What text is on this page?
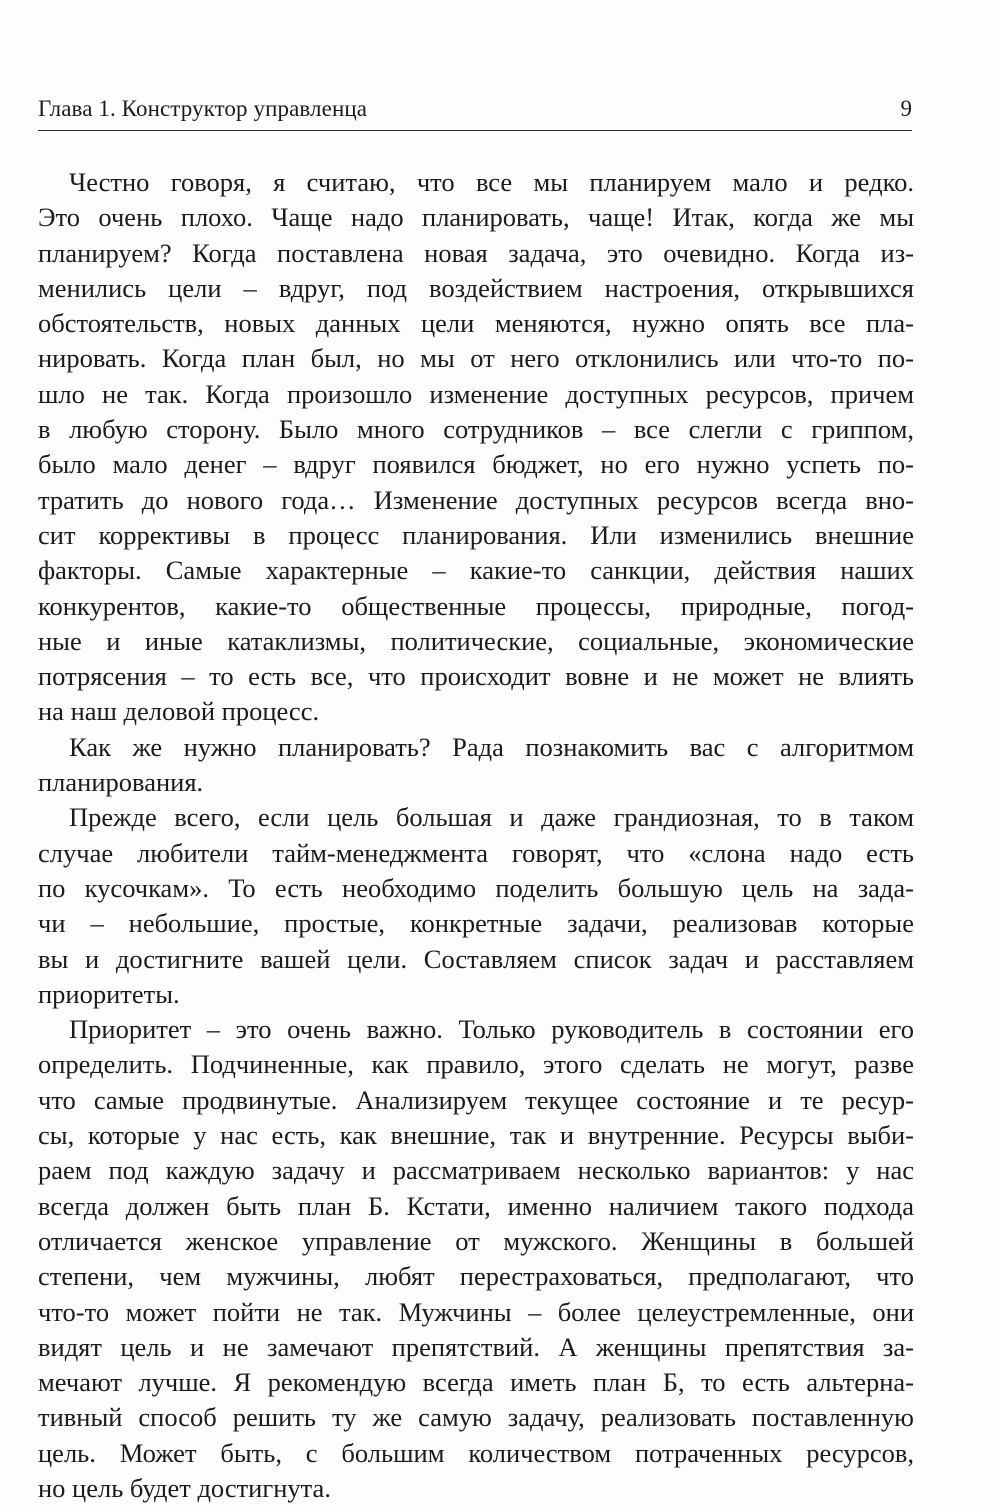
Глава 1. Конструктор управленца	9
Честно говоря, я считаю, что все мы планируем мало и редко.
Это очень плохо. Чаще надо планировать, чаще! Итак, когда же мы
планируем? Когда поставлена новая задача, это очевидно. Когда из-
менились цели – вдруг, под воздействием настроения, открывшихся
обстоятельств, новых данных цели меняются, нужно опять все пла-
нировать. Когда план был, но мы от него отклонились или что-то по-
шло не так. Когда произошло изменение доступных ресурсов, причем
в любую сторону. Было много сотрудников – все слегли с гриппом,
было мало денег – вдруг появился бюджет, но его нужно успеть по-
тратить до нового года… Изменение доступных ресурсов всегда вно-
сит коррективы в процесс планирования. Или изменились внешние
факторы. Самые характерные – какие-то санкции, действия наших
конкурентов, какие-то общественные процессы, природные, погод-
ные и иные катаклизмы, политические, социальные, экономические
потрясения – то есть все, что происходит вовне и не может не влиять
на наш деловой процесс.
Как же нужно планировать? Рада познакомить вас с алгоритмом
планирования.
Прежде всего, если цель большая и даже грандиозная, то в таком
случае любители тайм-менеджмента говорят, что «слона надо есть
по кусочкам». То есть необходимо поделить большую цель на зада-
чи – небольшие, простые, конкретные задачи, реализовав которые
вы и достигните вашей цели. Составляем список задач и расставляем
приоритеты.
Приоритет – это очень важно. Только руководитель в состоянии его
определить. Подчиненные, как правило, этого сделать не могут, разве
что самые продвинутые. Анализируем текущее состояние и те ресур-
сы, которые у нас есть, как внешние, так и внутренние. Ресурсы выби-
раем под каждую задачу и рассматриваем несколько вариантов: у нас
всегда должен быть план Б. Кстати, именно наличием такого подхода
отличается женское управление от мужского. Женщины в большей
степени, чем мужчины, любят перестраховаться, предполагают, что
что-то может пойти не так. Мужчины – более целеустремленные, они
видят цель и не замечают препятствий. А женщины препятствия за-
мечают лучше. Я рекомендую всегда иметь план Б, то есть альтерна-
тивный способ решить ту же самую задачу, реализовать поставленную
цель. Может быть, с большим количеством потраченных ресурсов,
но цель будет достигнута.
